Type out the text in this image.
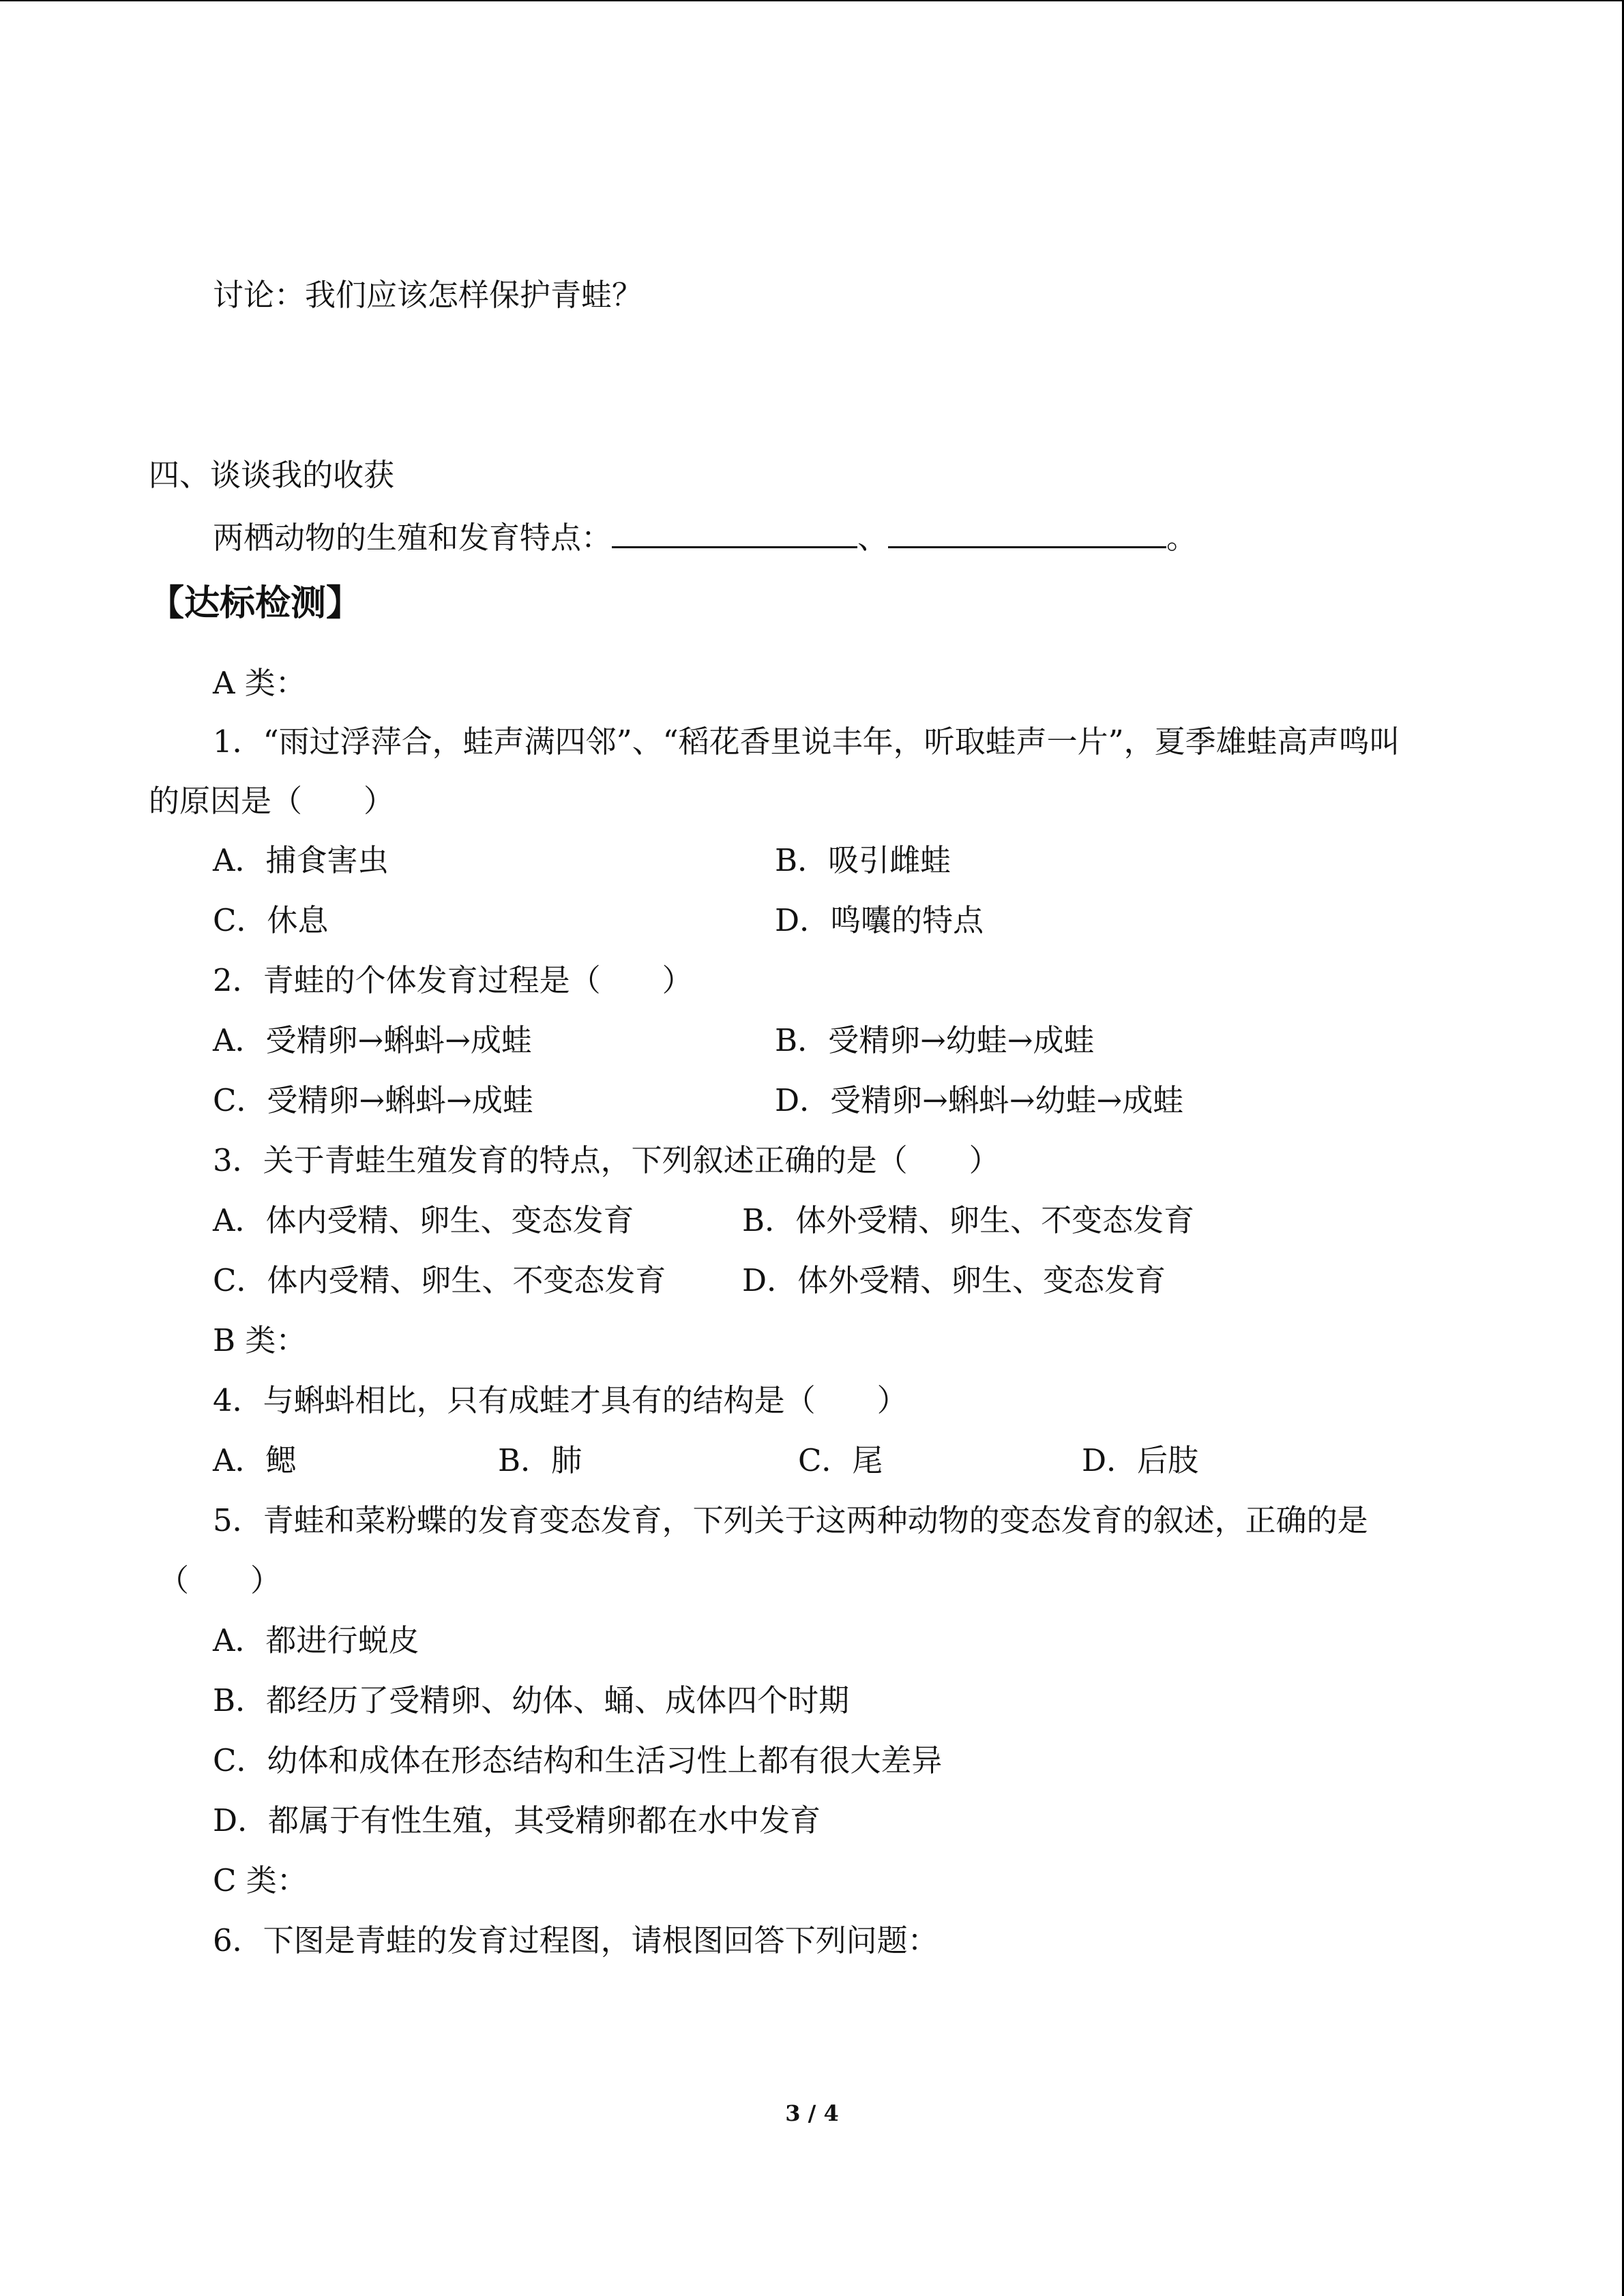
讨论：我们应该怎样保护青蛙？
四、谈谈我的收获
两栖动物的生殖和发育特点：	、	。
【达标检测】
A 类：
1．“雨过浮萍合，蛙声满四邻”、“稻花香里说丰年，听取蛙声一片”，夏季雄蛙高声鸣叫
的原因是（　　）
A．捕食害虫	B．吸引雌蛙
C．休息	D．鸣囔的特点
2．青蛙的个体发育过程是（　　）
A．受精卵→蝌蚪→成蛙	B．受精卵→幼蛙→成蛙
C．受精卵→蝌蚪→成蛙	D．受精卵→蝌蚪→幼蛙→成蛙
3．关于青蛙生殖发育的特点，下列叙述正确的是（　　）
A．体内受精、卵生、变态发育	B．体外受精、卵生、不变态发育
C．体内受精、卵生、不变态发育 D．体外受精、卵生、变态发育
B 类：
4．与蝌蚪相比，只有成蛙才具有的结构是（　　）
A．鳃	B．肺	C．尾	D．后肢
5．青蛙和菜粉蝶的发育变态发育，下列关于这两种动物的变态发育的叙述，正确的是
（　　）
A．都进行蜕皮
B．都经历了受精卵、幼体、蛹、成体四个时期
C．幼体和成体在形态结构和生活习性上都有很大差异
D．都属于有性生殖，其受精卵都在水中发育
C 类：
6．下图是青蛙的发育过程图，请根图回答下列问题：
3 / 4
